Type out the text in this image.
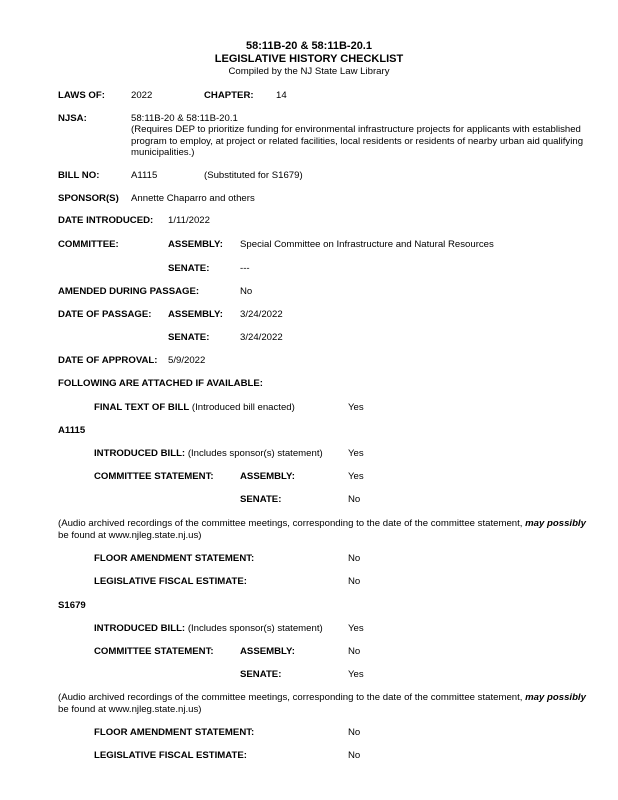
58:11B-20 & 58:11B-20.1
LEGISLATIVE HISTORY CHECKLIST
Compiled by the NJ State Law Library
LAWS OF:	2022	CHAPTER: 14
NJSA:	58:11B-20 & 58:11B-20.1
(Requires DEP to prioritize funding for environmental infrastructure projects for applicants with established program to employ, at project or related facilities, local residents or residents of nearby urban aid qualifying municipalities.)
BILL NO:	A1115	(Substituted for S1679)
SPONSOR(S) Annette Chaparro and others
DATE INTRODUCED: 1/11/2022
COMMITTEE:	ASSEMBLY: Special Committee on Infrastructure and Natural Resources
SENATE:	---
AMENDED DURING PASSAGE:	No
DATE OF PASSAGE: ASSEMBLY: 3/24/2022
SENATE:	3/24/2022
DATE OF APPROVAL: 5/9/2022
FOLLOWING ARE ATTACHED IF AVAILABLE:
FINAL TEXT OF BILL (Introduced bill enacted)	Yes
A1115
INTRODUCED BILL: (Includes sponsor(s) statement)	Yes
COMMITTEE STATEMENT:	ASSEMBLY:	Yes
SENATE:	No
(Audio archived recordings of the committee meetings, corresponding to the date of the committee statement, may possibly
be found at www.njleg.state.nj.us)
FLOOR AMENDMENT STATEMENT:	No
LEGISLATIVE FISCAL ESTIMATE:	No
S1679
INTRODUCED BILL: (Includes sponsor(s) statement)	Yes
COMMITTEE STATEMENT:	ASSEMBLY:	No
SENATE:	Yes
(Audio archived recordings of the committee meetings, corresponding to the date of the committee statement, may possibly
be found at www.njleg.state.nj.us)
FLOOR AMENDMENT STATEMENT:	No
LEGISLATIVE FISCAL ESTIMATE:	No
